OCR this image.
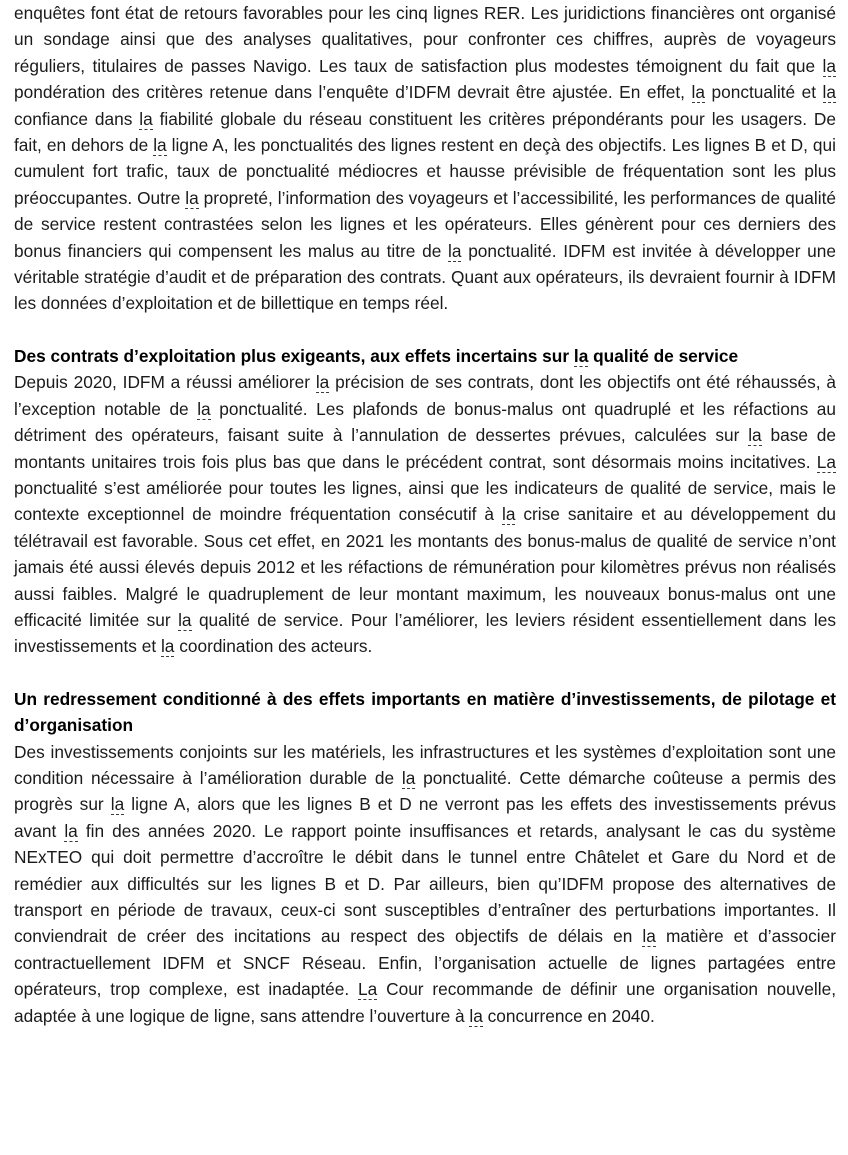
enquêtes font état de retours favorables pour les cinq lignes RER. Les juridictions financières ont organisé un sondage ainsi que des analyses qualitatives, pour confronter ces chiffres, auprès de voyageurs réguliers, titulaires de passes Navigo. Les taux de satisfaction plus modestes témoignent du fait que la pondération des critères retenue dans l’enquête d’IDFM devrait être ajustée. En effet, la ponctualité et la confiance dans la fiabilité globale du réseau constituent les critères prépondérants pour les usagers. De fait, en dehors de la ligne A, les ponctualités des lignes restent en deçà des objectifs. Les lignes B et D, qui cumulent fort trafic, taux de ponctualité médiocres et hausse prévisible de fréquentation sont les plus préoccupantes. Outre la propreté, l’information des voyageurs et l’accessibilité, les performances de qualité de service restent contrastées selon les lignes et les opérateurs. Elles génèrent pour ces derniers des bonus financiers qui compensent les malus au titre de la ponctualité. IDFM est invitée à développer une véritable stratégie d’audit et de préparation des contrats. Quant aux opérateurs, ils devraient fournir à IDFM les données d’exploitation et de billettique en temps réel.

Des contrats d’exploitation plus exigeants, aux effets incertains sur la qualité de service

Depuis 2020, IDFM a réussi améliorer la précision de ses contrats, dont les objectifs ont été réhaussés, à l’exception notable de la ponctualité. Les plafonds de bonus-malus ont quadruplé et les réfactions au détriment des opérateurs, faisant suite à l’annulation de dessertes prévues, calculées sur la base de montants unitaires trois fois plus bas que dans le précédent contrat, sont désormais moins incitatives. La ponctualité s’est améliorée pour toutes les lignes, ainsi que les indicateurs de qualité de service, mais le contexte exceptionnel de moindre fréquentation consécutif à la crise sanitaire et au développement du télétravail est favorable. Sous cet effet, en 2021 les montants des bonus-malus de qualité de service n’ont jamais été aussi élevés depuis 2012 et les réfactions de rémunération pour kilomètres prévus non réalisés aussi faibles. Malgré le quadruplement de leur montant maximum, les nouveaux bonus-malus ont une efficacité limitée sur la qualité de service. Pour l’améliorer, les leviers résident essentiellement dans les investissements et la coordination des acteurs.

Un redressement conditionné à des effets importants en matière d’investissements, de pilotage et d’organisation

Des investissements conjoints sur les matériels, les infrastructures et les systèmes d’exploitation sont une condition nécessaire à l’amélioration durable de la ponctualité. Cette démarche coûteuse a permis des progrès sur la ligne A, alors que les lignes B et D ne verront pas les effets des investissements prévus avant la fin des années 2020. Le rapport pointe insuffisances et retards, analysant le cas du système NExTEO qui doit permettre d’accroître le débit dans le tunnel entre Châtelet et Gare du Nord et de remédier aux difficultés sur les lignes B et D. Par ailleurs, bien qu’IDFM propose des alternatives de transport en période de travaux, ceux-ci sont susceptibles d’entraîner des perturbations importantes. Il conviendrait de créer des incitations au respect des objectifs de délais en la matière et d’associer contractuellement IDFM et SNCF Réseau. Enfin, l’organisation actuelle de lignes partagées entre opérateurs, trop complexe, est inadaptée. La Cour recommande de définir une organisation nouvelle, adaptée à une logique de ligne, sans attendre l’ouverture à la concurrence en 2040.
